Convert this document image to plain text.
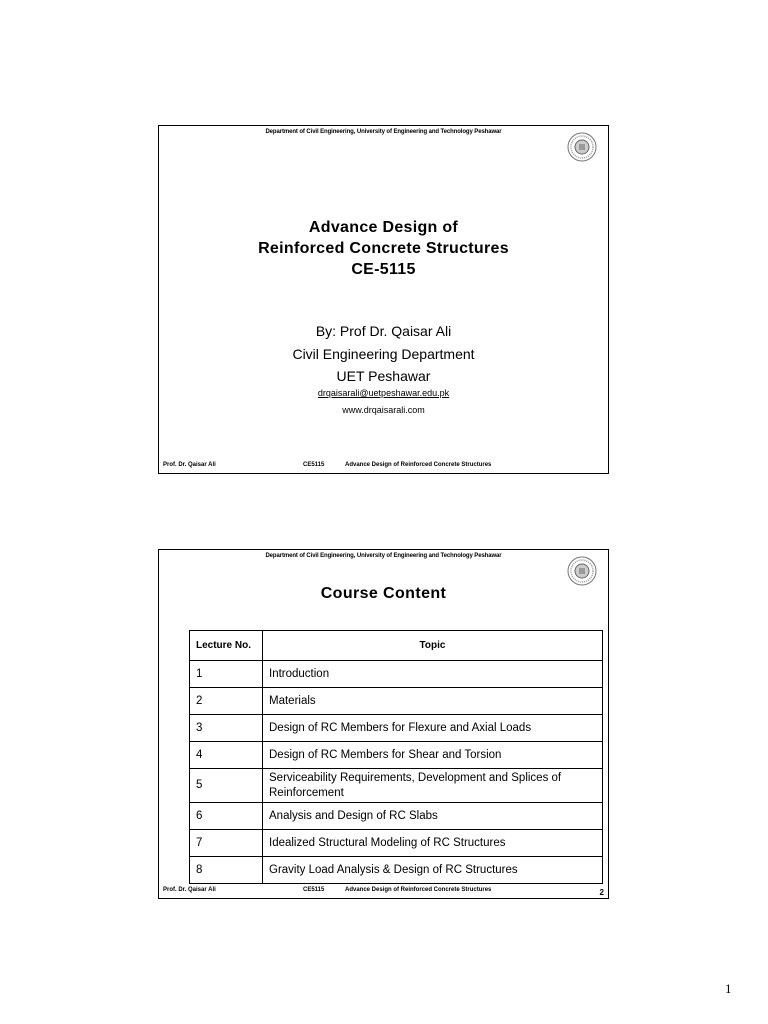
Department of Civil Engineering, University of Engineering and Technology Peshawar
Advance Design of
Reinforced Concrete Structures
CE-5115
By: Prof Dr. Qaisar Ali
Civil Engineering Department
UET Peshawar
drqaisarali@uetpeshawar.edu.pk
www.drqaisarali.com
Prof. Dr. Qaisar Ali	CE5115	Advance Design of Reinforced Concrete Structures
Department of Civil Engineering, University of Engineering and Technology Peshawar
Course Content
Lecture No.	Topic
1	Introduction
2	Materials
3	Design of RC Members for Flexure and Axial Loads
4	Design of RC Members for Shear and Torsion
5	Serviceability Requirements, Development and Splices of Reinforcement
6	Analysis and Design of RC Slabs
7	Idealized Structural Modeling of RC Structures
8	Gravity Load Analysis & Design of RC Structures
Prof. Dr. Qaisar Ali	CE5115	Advance Design of Reinforced Concrete Structures	2
1
